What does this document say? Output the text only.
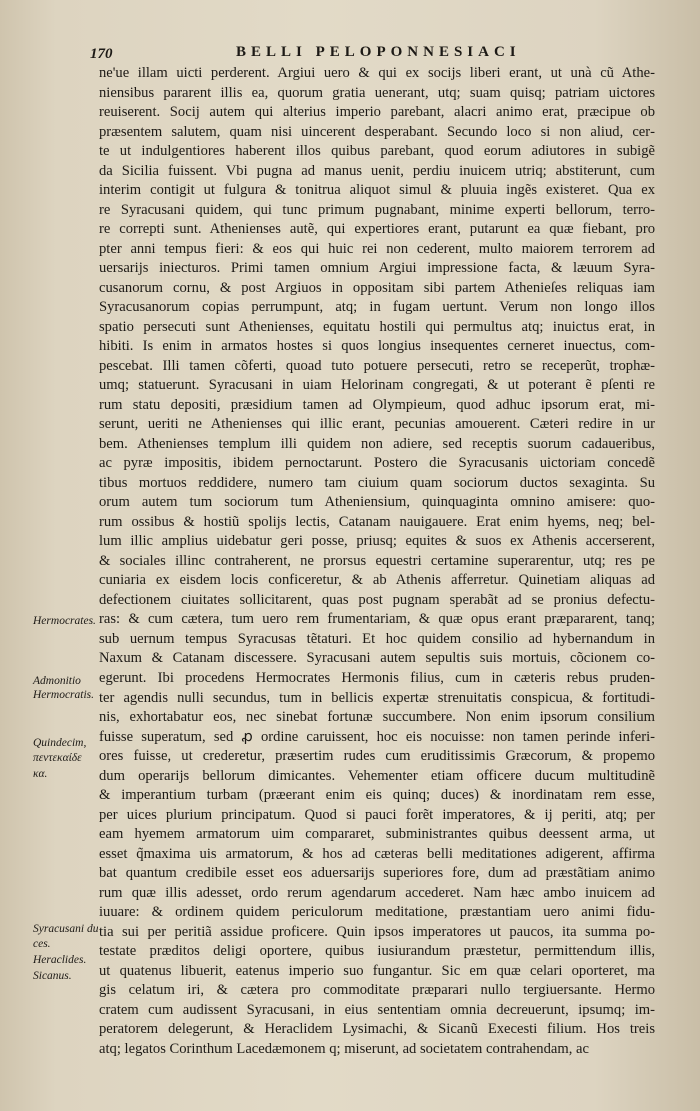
170	BELLI PELOPONNESIACI
ne'ue illam uicti perderent. Argiui uero & qui ex socijs liberi erant, ut unà cũ Athe‑
niensibus pararent illis ea, quorum gratia uenerant, utq; suam quisq; patriam uictores
reuiserent. Socij autem qui alterius imperio parebant, alacri animo erat, præcipue ob
præsentem salutem, quam nisi uincerent desperabant. Secundo loco si non aliud, cer‑
te ut indulgentiores haberent illos quibus parebant, quod eorum adiutores in subigẽ
da Sicilia fuissent. Vbi pugna ad manus uenit, perdiu inuicem utriq; abstiterunt, cum
interim contigit ut fulgura & tonitrua aliquot simul & pluuia ingẽs existeret. Qua ex
re Syracusani quidem, qui tunc primum pugnabant, minime experti bellorum, terro‑
re correpti sunt. Athenienses autẽ, qui expertiores erant, putarunt ea quæ fiebant, pro
pter anni tempus fieri: & eos qui huic rei non cederent, multo maiorem terrorem ad
uersarijs iniecturos. Primi tamen omnium Argiui impressione facta, & læuum Syra‑
cusanorum cornu, & post Argiuos in oppositam sibi partem Athenieſes reliquas iam
Syracusanorum copias perrumpunt, atq; in fugam uertunt. Verum non longo illos
spatio persecuti sunt Athenienses, equitatu hostili qui permultus atq; inuictus erat, in
hibiti. Is enim in armatos hostes si quos longius insequentes cerneret inuectus, com‑
pescebat. Illi tamen cõferti, quoad tuto potuere persecuti, retro se receperũt, trophæ‑
umq; statuerunt. Syracusani in uiam Helorinam congregati, & ut poterant ẽ pſenti re
rum statu depositi, præsidium tamen ad Olympieum, quod adhuc ipsorum erat, mi‑
serunt, ueriti ne Athenienses qui illic erant, pecunias amouerent. Cæteri redire in ur
bem. Athenienses templum illi quidem non adiere, sed receptis suorum cadaueribus,
ac pyræ impositis, ibidem pernoctarunt. Postero die Syracusanis uictoriam concedẽ
tibus mortuos reddidere, numero tam ciuium quam sociorum ductos sexaginta. Su
orum autem tum sociorum tum Atheniensium, quinquaginta omnino amisere: quo‑
rum ossibus & hostiũ spolijs lectis, Catanam nauigauere. Erat enim hyems, neq; bel‑
lum illic amplius uidebatur geri posse, priusq; equites & suos ex Athenis accerserent,
& sociales illinc contraherent, ne prorsus equestri certamine superarentur, utq; res pe
cuniaria ex eisdem locis conficeretur, & ab Athenis afferretur. Quinetiam aliquas ad
defectionem ciuitates sollicitarent, quas post pugnam sperabãt ad se pronius defectu‑
ras: & cum cætera, tum uero rem frumentariam, & quæ opus erant præpararent, tanq;
sub uernum tempus Syracusas tẽtaturi. Et hoc quidem consilio ad hybernandum in
Naxum & Catanam discessere. Syracusani autem sepultis suis mortuis, cõcionem co‑
egerunt. Ibi procedens Hermocrates Hermonis filius, cum in cæteris rebus pruden‑
ter agendis nulli secundus, tum in bellicis expertæ strenuitatis conspicua, & fortitudi‑
nis, exhortabatur eos, nec sinebat fortunæ succumbere. Non enim ipsorum consilium
fuisse superatum, sed ꝓ ordine caruissent, hoc eis nocuisse: non tamen perinde inferi‑
ores fuisse, ut crederetur, præsertim rudes cum eruditissimis Græcorum, & propemo
dum operarijs bellorum dimicantes. Vehementer etiam officere ducum multitudinẽ
& imperantium turbam (præerant enim eis quinq; duces) & inordinatam rem esse,
per uices plurium principatum. Quod si pauci forẽt imperatores, & ij periti, atq; per
eam hyemem armatorum uim compararet, subministrantes quibus deessent arma, ut
esset q̃maxima uis armatorum, & hos ad cæteras belli meditationes adigerent, affirma
bat quantum credibile esset eos aduersarijs superiores fore, dum ad præstãtiam animo
rum quæ illis adesset, ordo rerum agendarum accederet. Nam hæc ambo inuicem ad
iuuare: & ordinem quidem periculorum meditatione, præstantiam uero animi fidu‑
tia sui per peritiã assidue proficere. Quin ipsos imperatores ut paucos, ita summa po‑
testate præditos deligi oportere, quibus iusiurandum præstetur, permittendum illis,
ut quatenus libuerit, eatenus imperio suo fungantur. Sic em quæ celari oporteret, ma
gis celatum iri, & cætera pro commoditate præparari nullo tergiuersante. Hermo
cratem cum audissent Syracusani, in eius sententiam omnia decreuerunt, ipsumq; im‑
peratorem delegerunt, & Heraclidem Lysimachi, & Sicanũ Execesti filium. Hos treis
atq; legatos Corinthum Lacedæmonem q; miserunt, ad societatem contrahendam, ac
Hermocrates.
Admonitio
Hermocratis.
Quindecim,
πεντεκαίδε
κα.
Syracusani du
ces.
Heraclides.
Sicanus.
